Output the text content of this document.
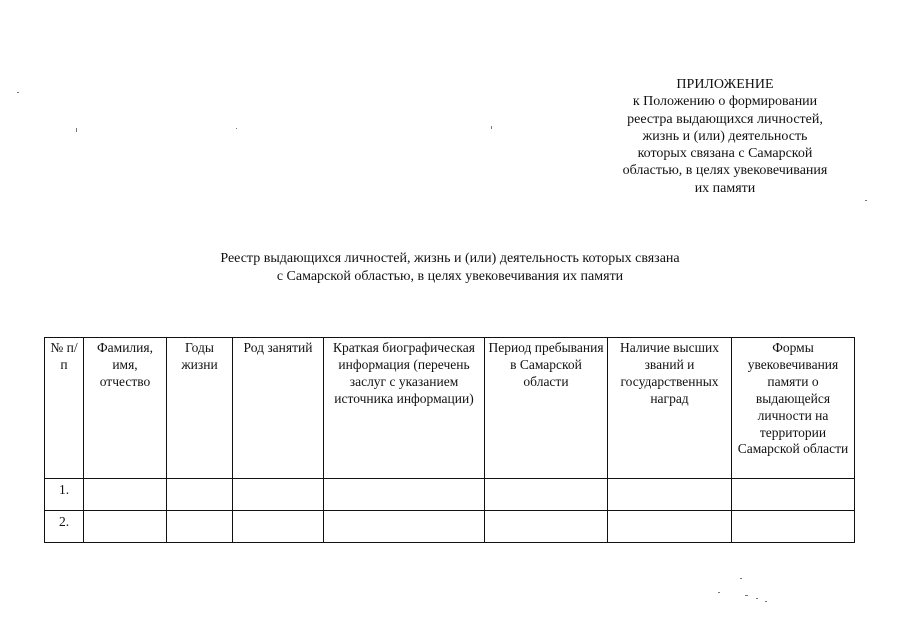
ПРИЛОЖЕНИЕ
к Положению о формировании
реестра выдающихся личностей,
жизнь и (или) деятельность
которых связана с Самарской
областью, в целях увековечивания
их памяти
Реестр выдающихся личностей, жизнь и (или) деятельность которых связана
с Самарской областью, в целях увековечивания их памяти
№ п/п	Фамилия, имя, отчество	Годы жизни	Род занятий	Краткая биографическая информация (перечень заслуг с указанием источника информации)	Период пребывания в Самарской области	Наличие высших званий и государственных наград	Формы увековечивания памяти о выдающейся личности на территории Самарской области
1.							
2.							
